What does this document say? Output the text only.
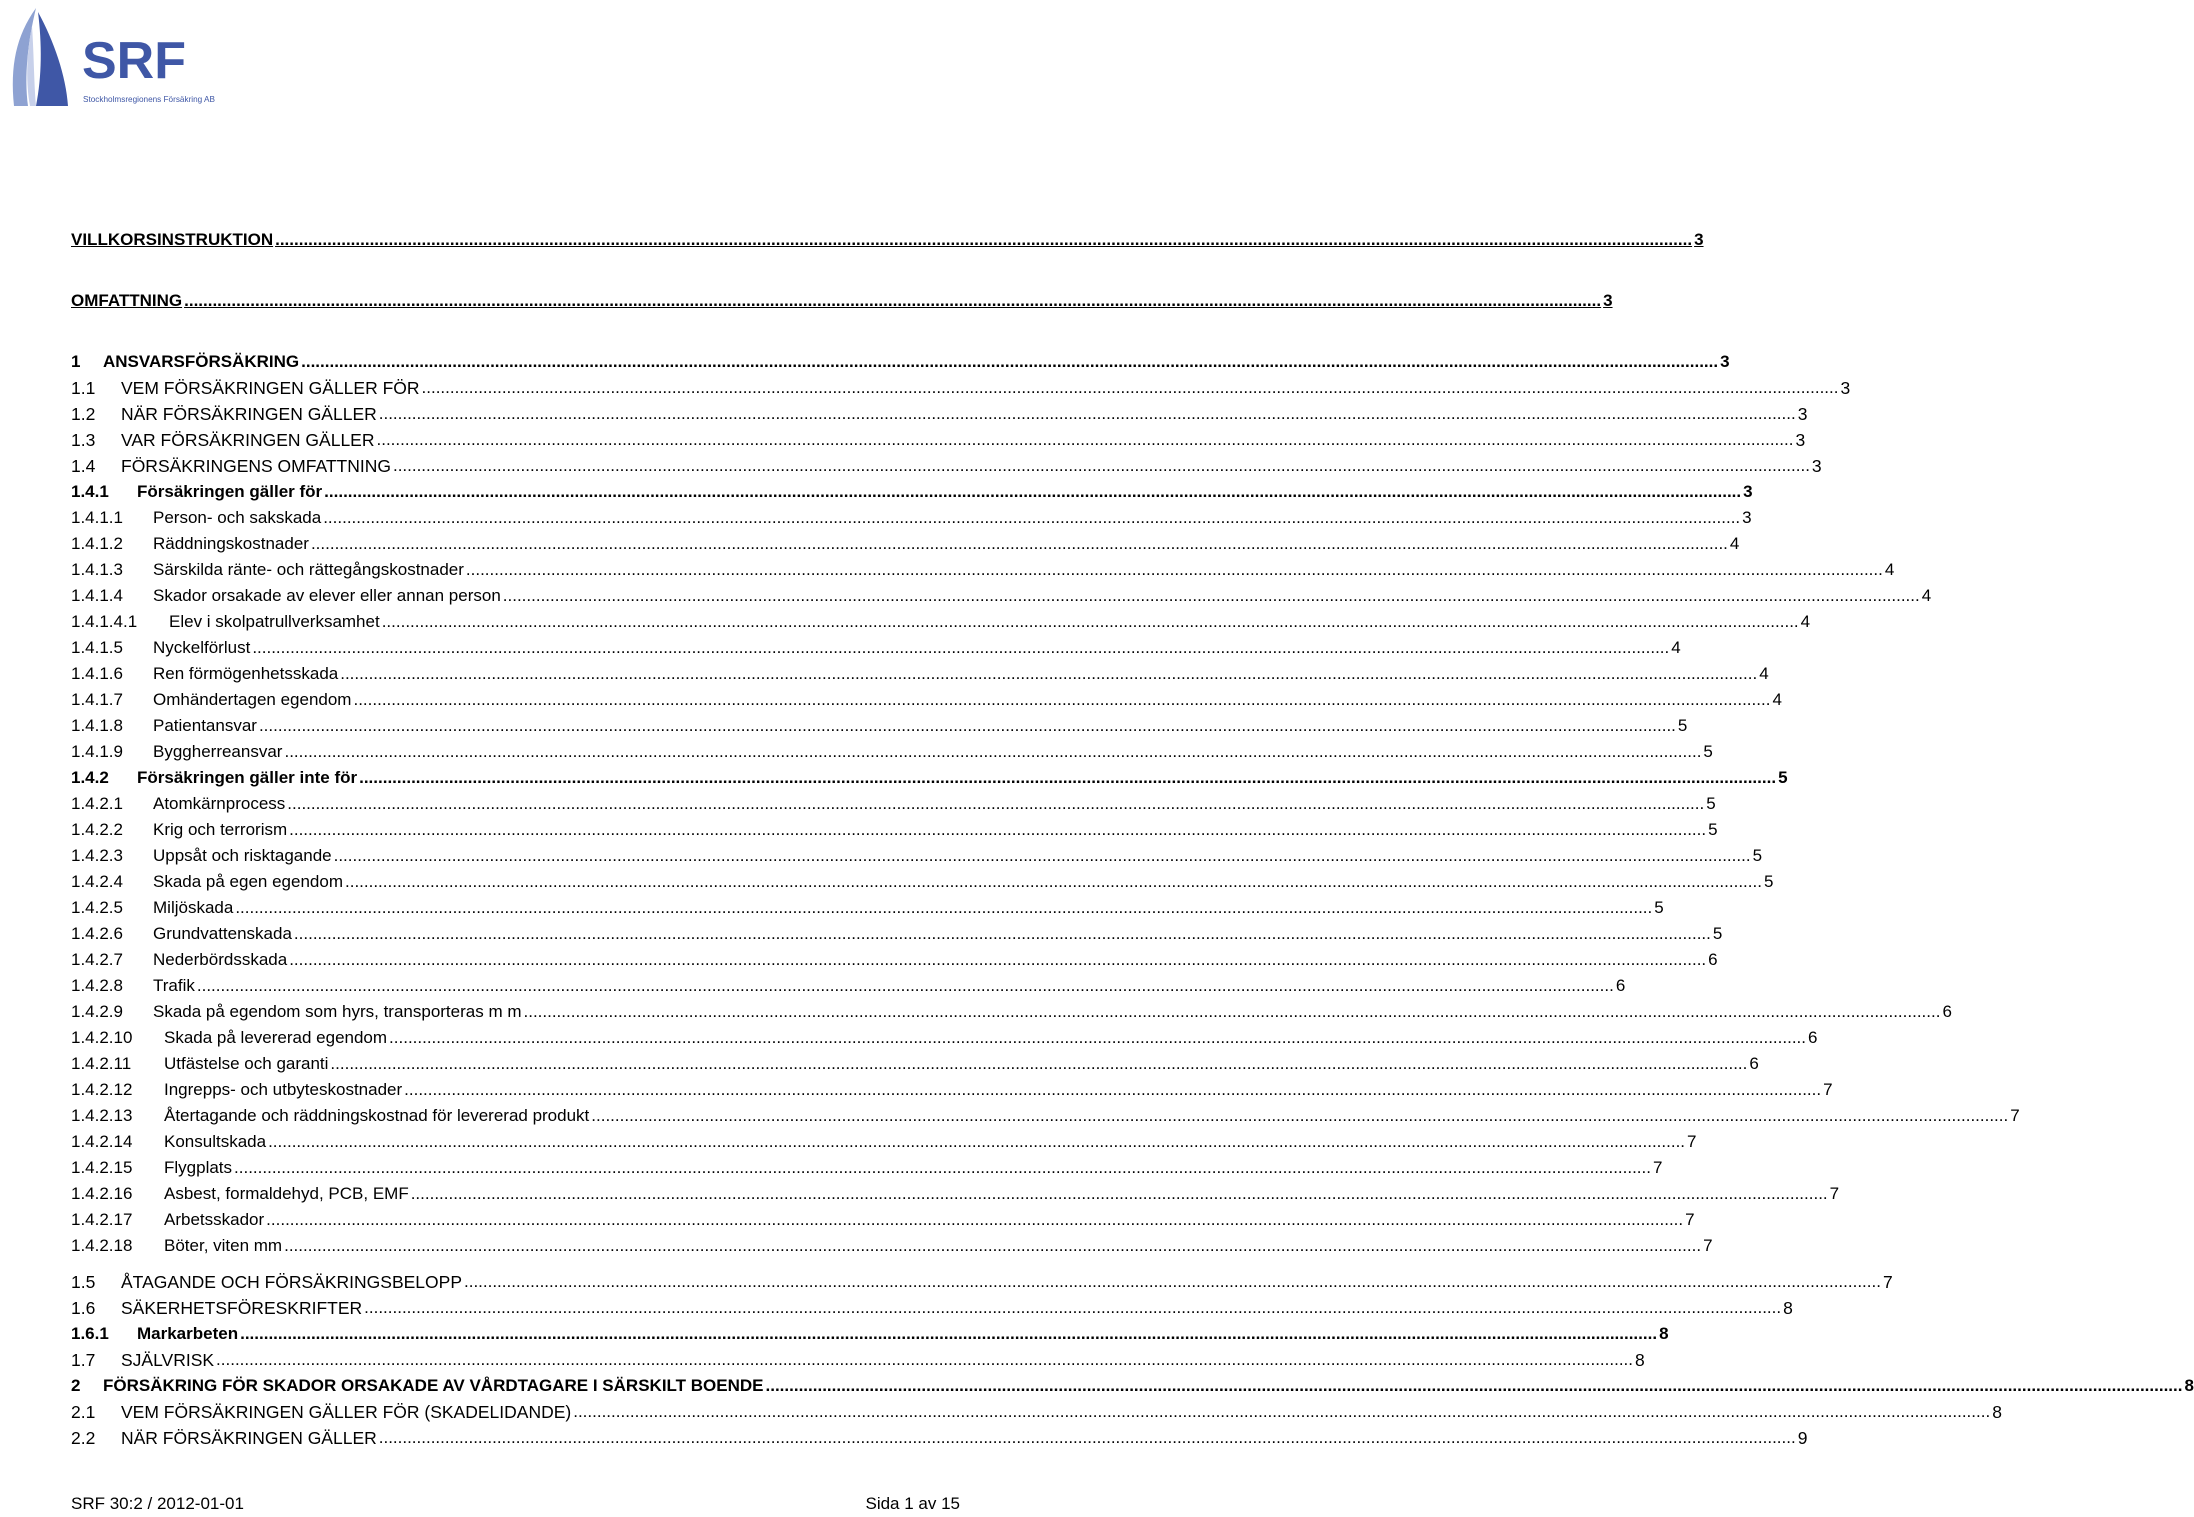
SRF
Stockholmsregionens Försäkring AB
VILLKORSINSTRUKTION ............................................................................................................................................................................................................................................................................................................ 3
OMFATTNING ............................................................................................................................................................................................................................................................................................................ 3
1	ANSVARSFÖRSÄKRING ............................................................................................................................................................................................................................................................................................................ 3
1.1	VEM FÖRSÄKRINGEN GÄLLER FÖR ............................................................................................................................................................................................................................................................................................................ 3
1.2	NÄR FÖRSÄKRINGEN GÄLLER ............................................................................................................................................................................................................................................................................................................ 3
1.3	VAR FÖRSÄKRINGEN GÄLLER ............................................................................................................................................................................................................................................................................................................ 3
1.4	FÖRSÄKRINGENS OMFATTNING ............................................................................................................................................................................................................................................................................................................ 3
1.4.1	Försäkringen gäller för ............................................................................................................................................................................................................................................................................................................ 3
1.4.1.1	Person- och sakskada ............................................................................................................................................................................................................................................................................................................ 3
1.4.1.2	Räddningskostnader ............................................................................................................................................................................................................................................................................................................ 4
1.4.1.3	Särskilda ränte- och rättegångskostnader ............................................................................................................................................................................................................................................................................................................ 4
1.4.1.4	Skador orsakade av elever eller annan person ............................................................................................................................................................................................................................................................................................................ 4
1.4.1.4.1	Elev i skolpatrullverksamhet ............................................................................................................................................................................................................................................................................................................ 4
1.4.1.5	Nyckelförlust ............................................................................................................................................................................................................................................................................................................ 4
1.4.1.6	Ren förmögenhetsskada ............................................................................................................................................................................................................................................................................................................ 4
1.4.1.7	Omhändertagen egendom ............................................................................................................................................................................................................................................................................................................ 4
1.4.1.8	Patientansvar ............................................................................................................................................................................................................................................................................................................ 5
1.4.1.9	Byggherreansvar ............................................................................................................................................................................................................................................................................................................ 5
1.4.2	Försäkringen gäller inte för ............................................................................................................................................................................................................................................................................................................ 5
1.4.2.1	Atomkärnprocess ............................................................................................................................................................................................................................................................................................................ 5
1.4.2.2	Krig och terrorism ............................................................................................................................................................................................................................................................................................................ 5
1.4.2.3	Uppsåt och risktagande ............................................................................................................................................................................................................................................................................................................ 5
1.4.2.4	Skada på egen egendom ............................................................................................................................................................................................................................................................................................................ 5
1.4.2.5	Miljöskada ............................................................................................................................................................................................................................................................................................................ 5
1.4.2.6	Grundvattenskada ............................................................................................................................................................................................................................................................................................................ 5
1.4.2.7	Nederbördsskada ............................................................................................................................................................................................................................................................................................................ 6
1.4.2.8	Trafik ............................................................................................................................................................................................................................................................................................................ 6
1.4.2.9	Skada på egendom som hyrs, transporteras m m ............................................................................................................................................................................................................................................................................................................ 6
1.4.2.10	Skada på levererad egendom ............................................................................................................................................................................................................................................................................................................ 6
1.4.2.11	Utfästelse och garanti ............................................................................................................................................................................................................................................................................................................ 6
1.4.2.12	Ingrepps- och utbyteskostnader ............................................................................................................................................................................................................................................................................................................ 7
1.4.2.13	Återtagande och räddningskostnad för levererad produkt ............................................................................................................................................................................................................................................................................................................ 7
1.4.2.14	Konsultskada ............................................................................................................................................................................................................................................................................................................ 7
1.4.2.15	Flygplats ............................................................................................................................................................................................................................................................................................................ 7
1.4.2.16	Asbest, formaldehyd, PCB, EMF ............................................................................................................................................................................................................................................................................................................ 7
1.4.2.17	Arbetsskador ............................................................................................................................................................................................................................................................................................................ 7
1.4.2.18	Böter, viten mm ............................................................................................................................................................................................................................................................................................................ 7
1.5	ÅTAGANDE OCH FÖRSÄKRINGSBELOPP ............................................................................................................................................................................................................................................................................................................ 7
1.6	SÄKERHETSFÖRESKRIFTER ............................................................................................................................................................................................................................................................................................................ 8
1.6.1	Markarbeten ............................................................................................................................................................................................................................................................................................................ 8
1.7	SJÄLVRISK ............................................................................................................................................................................................................................................................................................................ 8
2	FÖRSÄKRING FÖR SKADOR ORSAKADE AV VÅRDTAGARE I SÄRSKILT BOENDE ............................................................................................................................................................................................................................................................................................................ 8
2.1	VEM FÖRSÄKRINGEN GÄLLER FÖR (SKADELIDANDE) ............................................................................................................................................................................................................................................................................................................ 8
2.2	NÄR FÖRSÄKRINGEN GÄLLER ............................................................................................................................................................................................................................................................................................................ 9
SRF 30:2 / 2012-01-01	Sida 1 av 15
